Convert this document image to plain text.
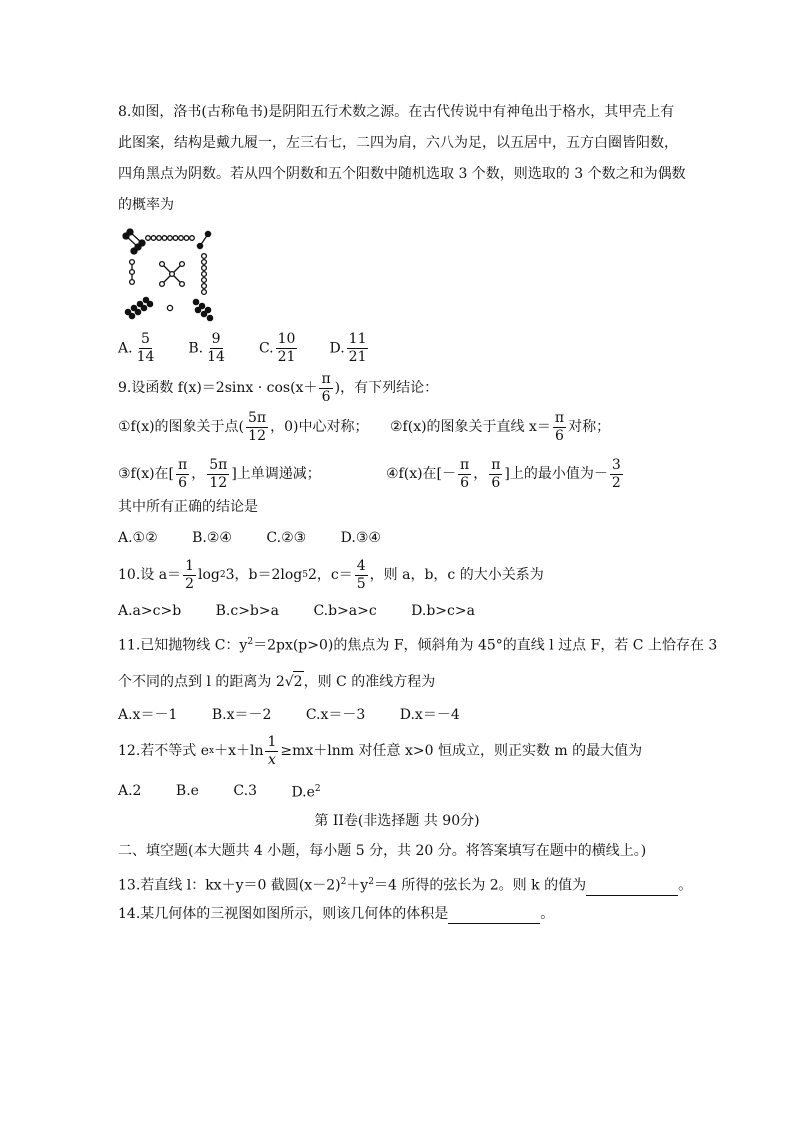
8.如图，洛书(古称龟书)是阴阳五行术数之源。在古代传说中有神龟出于格水，其甲壳上有
此图案，结构是戴九履一，左三右七，二四为肩，六八为足，以五居中，五方白圈皆阳数，
四角黑点为阴数。若从四个阴数和五个阳数中随机选取 3 个数，则选取的 3 个数之和为偶数
的概率为
A. $\frac{5}{14} B$. $\frac{9}{14} C$. $\frac{10}{21} D$. $\frac{11}{21}$
9.设函数 $f(x)=2\sin x \cdot \cos(x+ \frac{\pi}{6}$ )，有下列结论：
①f(x)的图象关于点( $\frac{5\pi}{12}$ ，0)中心对称； ②f(x)的图象关于直线 $x= \frac{\pi}{6}$ 对称；
③f(x)在[ $\frac{\pi}{6}$ ， $\frac{5\pi}{12}$ ]上单调递减；	④f(x)在[－ $\frac{\pi}{6}$ ， $\frac{\pi}{6}$ ]上的最小值为－ $\frac{3}{2}$
其中所有正确的结论是
A.①② B.②④ C.②③ D.③④
10.设 $a= \frac{1}{2}$ log 2 3，b＝2log 5 2，$c= \frac{4}{5}$ ，则 a，b，c 的大小关系为
A.a>c>b B.c>b>a C.b>a>c D.b>c>a
11.已知抛物线 C：$y^2=2px(p>0)$的焦点为 F，倾斜角为 45°的直线 l 过点 F，若 C 上恰存在 3
个不同的点到 l 的距离为 2√2，则 C 的准线方程为
A.x＝－1 B.x＝－2 C.x＝－3 D.x＝－4
12.若不等式 e $x +x+\ln \frac{1}{x} \ge mx+\ln m$ 对任意 x>0 恒成立，则正实数 m 的最大值为
A.2 B.e C.3 $D.e^2$
第 II卷(非选择题 共 90分)
二、填空题(本大题共 4 小题，每小题 5 分，共 20 分。将答案填写在题中的横线上。)
13.若直线 l：kx＋y＝0 截圆$(x-2)^2+y^2=4$ 所得的弦长为 2。则 k 的值为	。
14.某几何体的三视图如图所示，则该几何体的体积是	。
